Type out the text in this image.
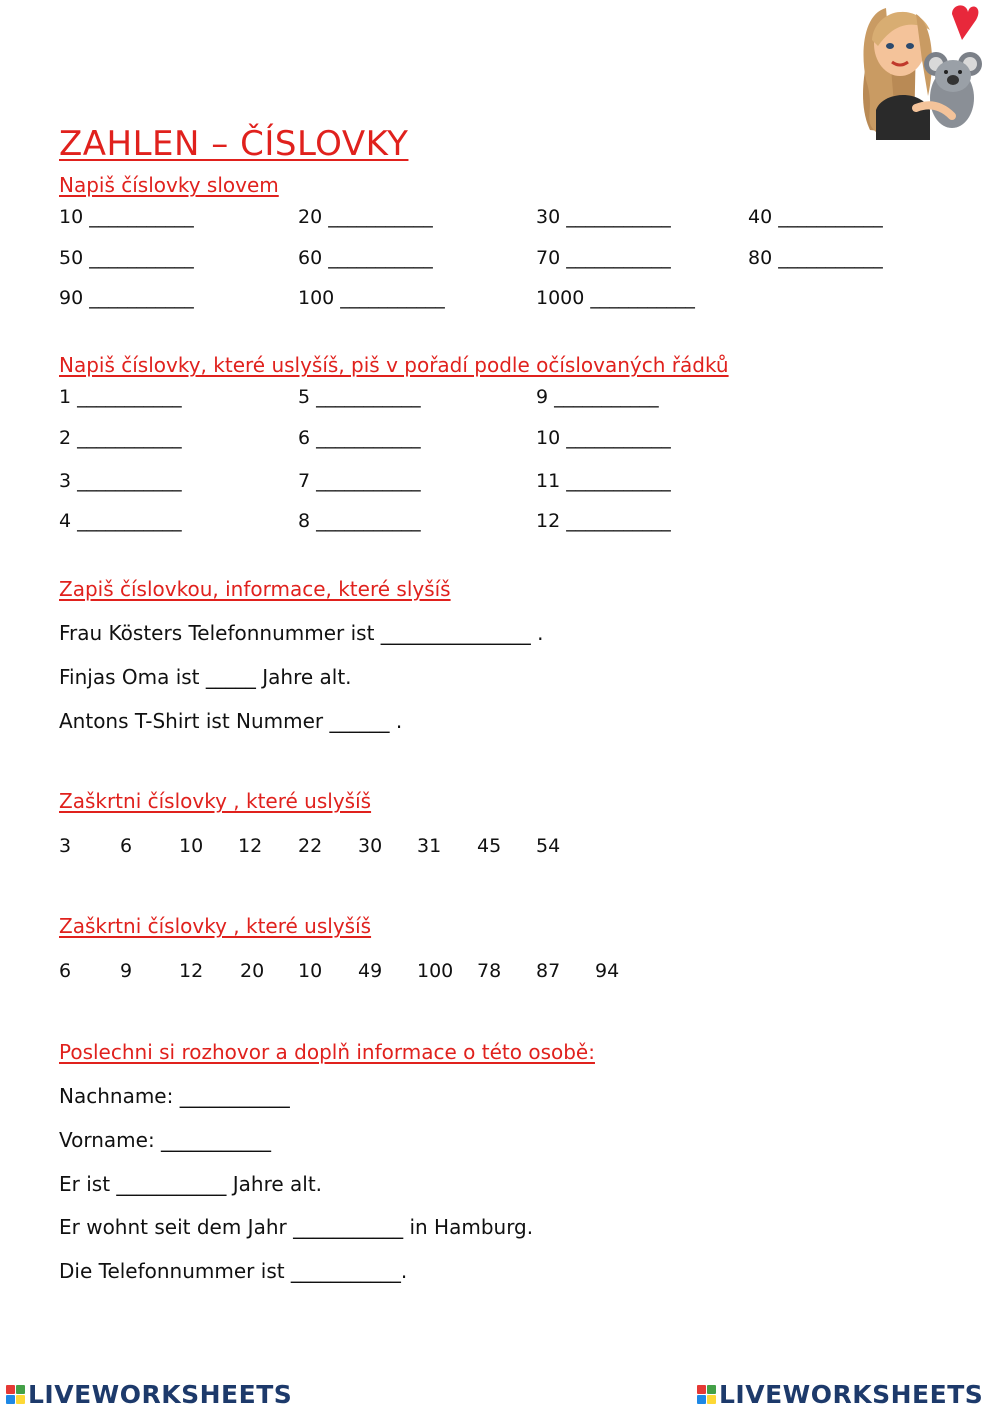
ZAHLEN – ČÍSLOVKY
Napiš číslovky slovem
10 ___________	20 ___________	30 ___________	40 ___________
50 ___________	60 ___________	70 ___________	80 ___________
90 ___________	100 ___________	1000 ___________
Napiš číslovky, které uslyšíš, piš v pořadí podle očíslovaných řádků
1 ___________	5 ___________	9 ___________
2 ___________	6 ___________	10 ___________
3 ___________	7 ___________	11 ___________
4 ___________	8 ___________	12 ___________
Zapiš číslovkou, informace, které slyšíš
Frau Kösters Telefonnummer ist _______________ .
Finjas Oma ist _____ Jahre alt.
Antons T-Shirt ist Nummer ______ .
Zaškrtni číslovky , které uslyšíš
3	6 10 12 22 30 31 45 54
Zaškrtni číslovky , které uslyšíš
6	9 12 20 10 49 100 78 87 94
Poslechni si rozhovor a doplň informace o této osobě:
Nachname: ___________
Vorname: ___________
Er ist ___________ Jahre alt.
Er wohnt seit dem Jahr ___________ in Hamburg.
Die Telefonnummer ist ___________.
LIVEWORKSHEETS	LIVEWORKSHEETS
